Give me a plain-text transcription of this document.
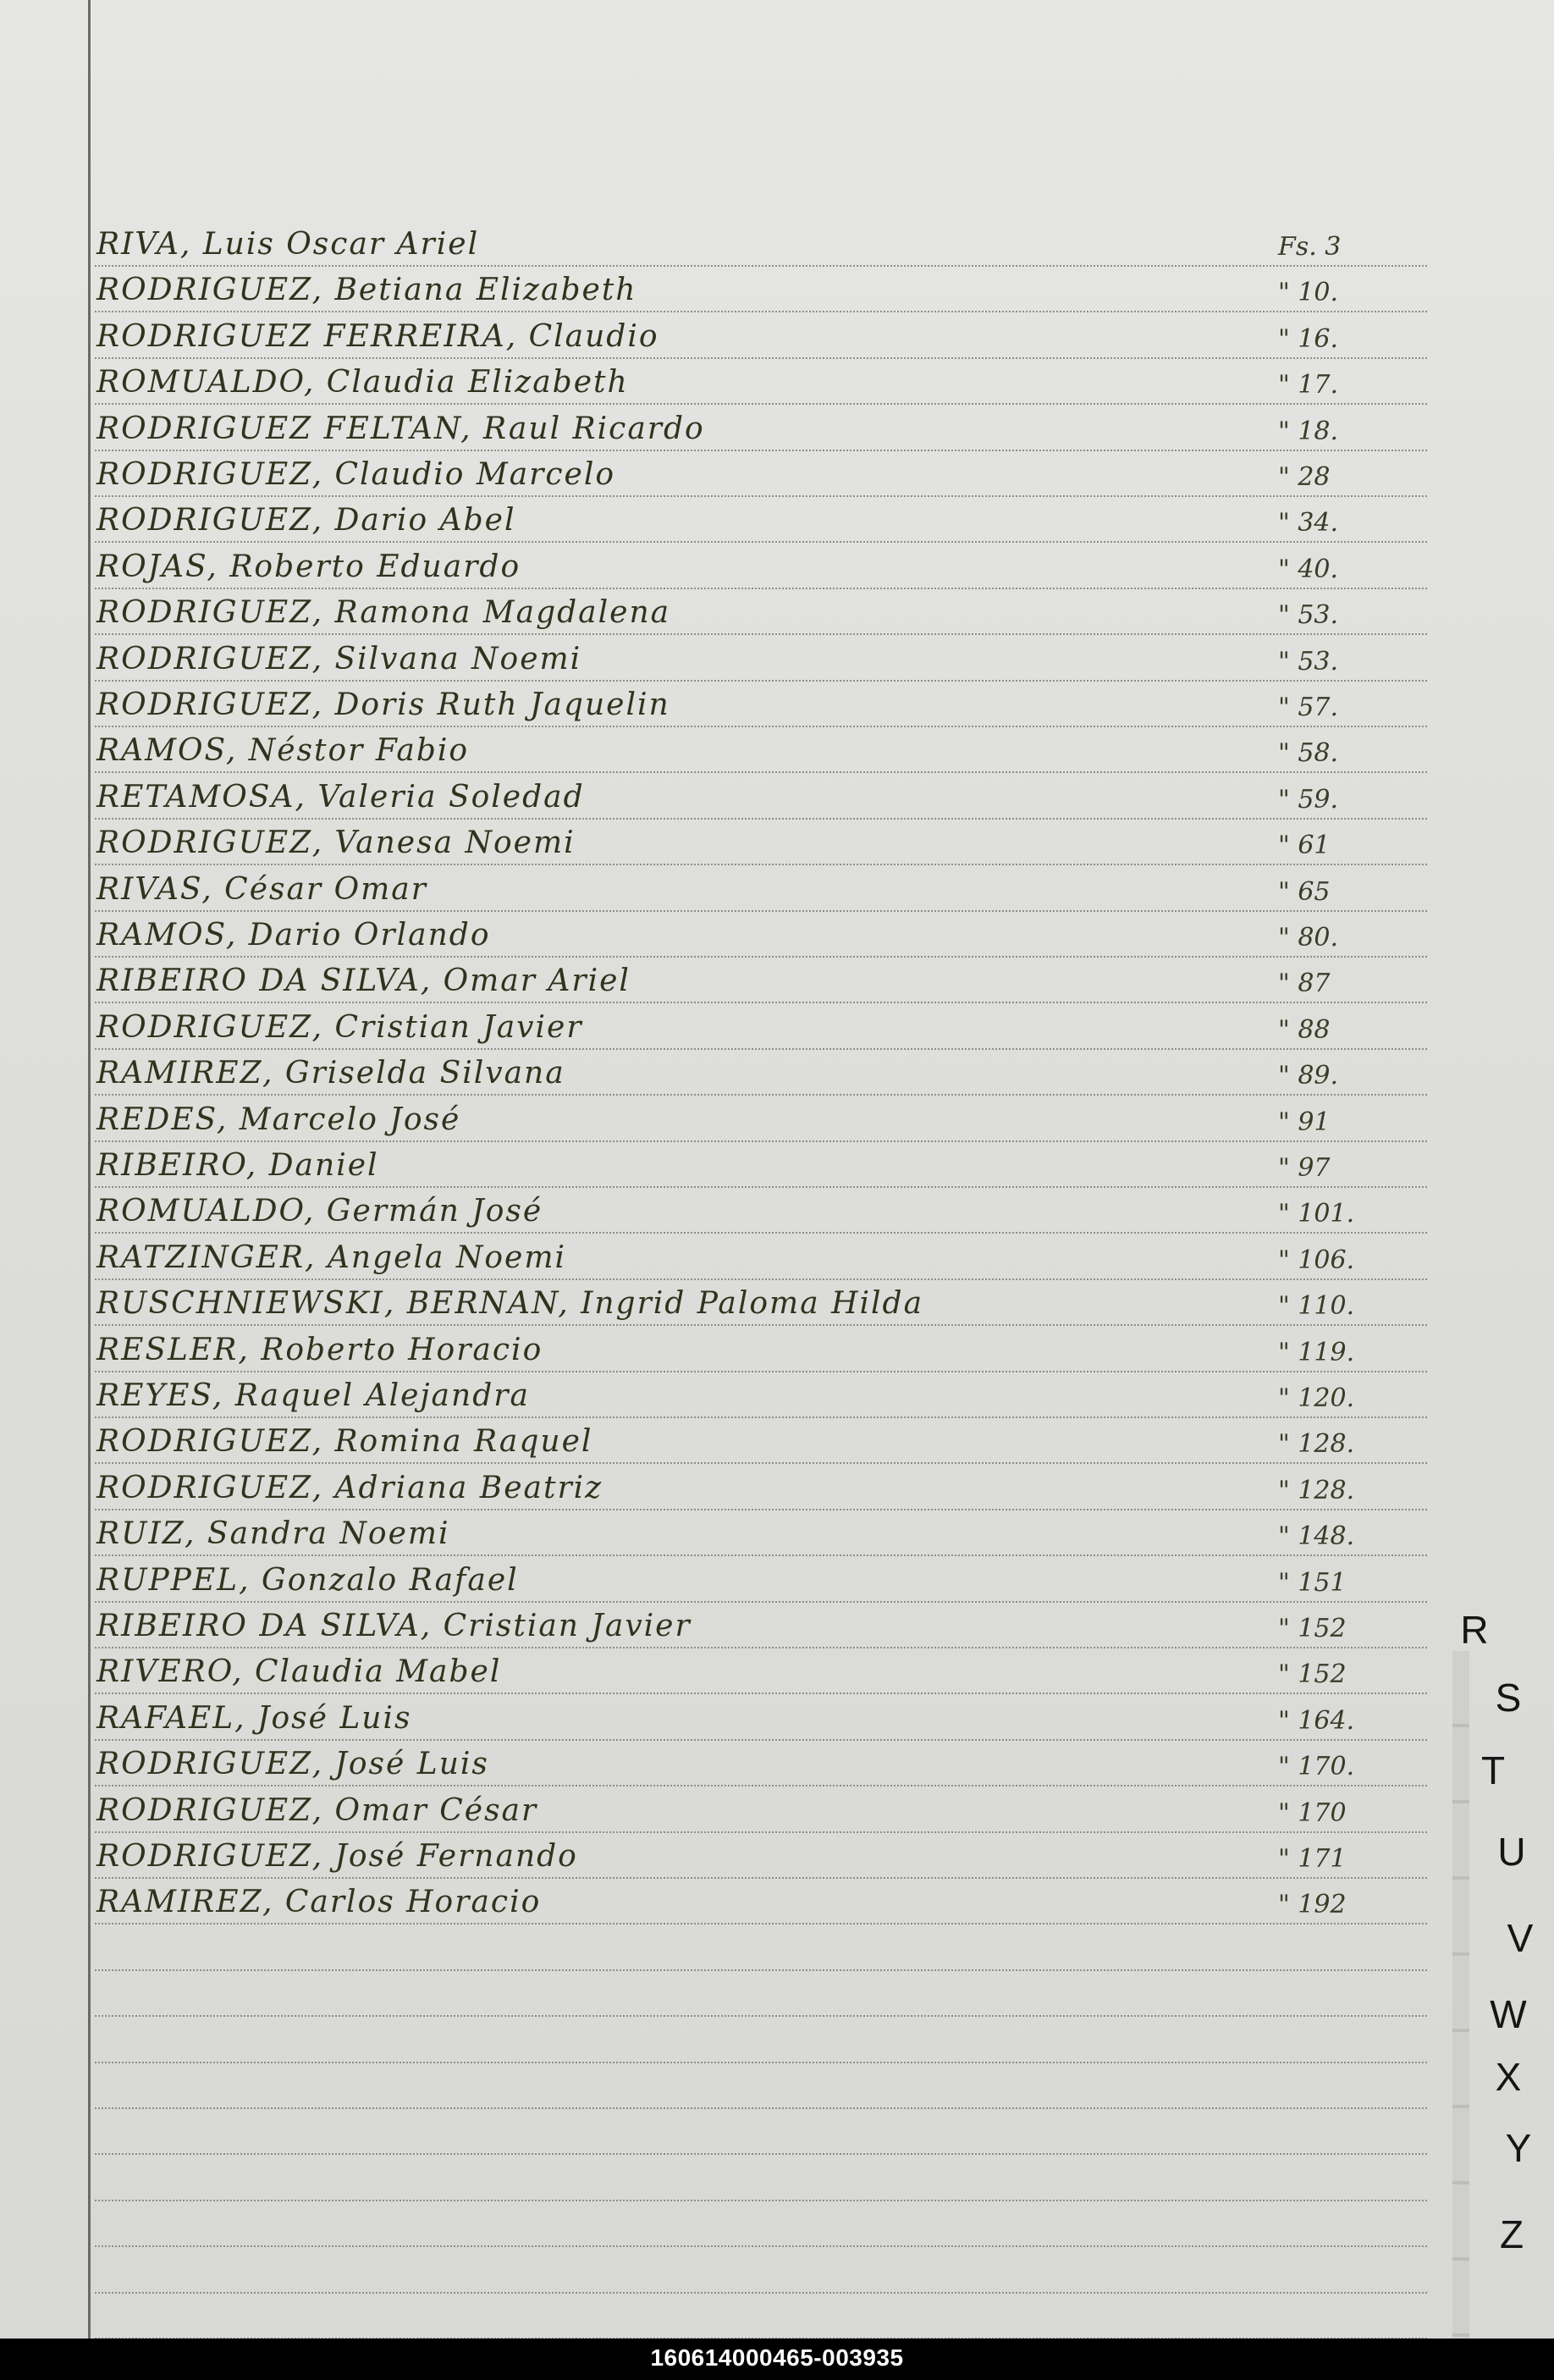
RIVA, Luis Oscar Ariel	Fs. 3
RODRIGUEZ, Betiana Elizabeth	" 10.
RODRIGUEZ FERREIRA, Claudio	" 16.
ROMUALDO, Claudia Elizabeth	" 17.
RODRIGUEZ FELTAN, Raul Ricardo	" 18.
RODRIGUEZ, Claudio Marcelo	" 28
RODRIGUEZ, Dario Abel	" 34.
ROJAS, Roberto Eduardo	" 40.
RODRIGUEZ, Ramona Magdalena	" 53.
RODRIGUEZ, Silvana Noemi	" 53.
RODRIGUEZ, Doris Ruth Jaquelin	" 57.
RAMOS, Néstor Fabio	" 58.
RETAMOSA, Valeria Soledad	" 59.
RODRIGUEZ, Vanesa Noemi	" 61
RIVAS, César Omar	" 65
RAMOS, Dario Orlando	" 80.
RIBEIRO DA SILVA, Omar Ariel	" 87
RODRIGUEZ, Cristian Javier	" 88
RAMIREZ, Griselda Silvana	" 89.
REDES, Marcelo José	" 91
RIBEIRO, Daniel	" 97
ROMUALDO, Germán José	" 101.
RATZINGER, Angela Noemi	" 106.
RUSCHNIEWSKI, BERNAN, Ingrid Paloma Hilda	" 110.
RESLER, Roberto Horacio	" 119.
REYES, Raquel Alejandra	" 120.
RODRIGUEZ, Romina Raquel	" 128.
RODRIGUEZ, Adriana Beatriz	" 128.
RUIZ, Sandra Noemi	" 148.
RUPPEL, Gonzalo Rafael	" 151
RIBEIRO DA SILVA, Cristian Javier	" 152
RIVERO, Claudia Mabel	" 152
RAFAEL, José Luis	" 164.
RODRIGUEZ, José Luis	" 170.
RODRIGUEZ, Omar César	" 170
RODRIGUEZ, José Fernando	" 171
RAMIREZ, Carlos Horacio	" 192
R
S
T
U
V
W
X
Y
Z
160614000465-003935
